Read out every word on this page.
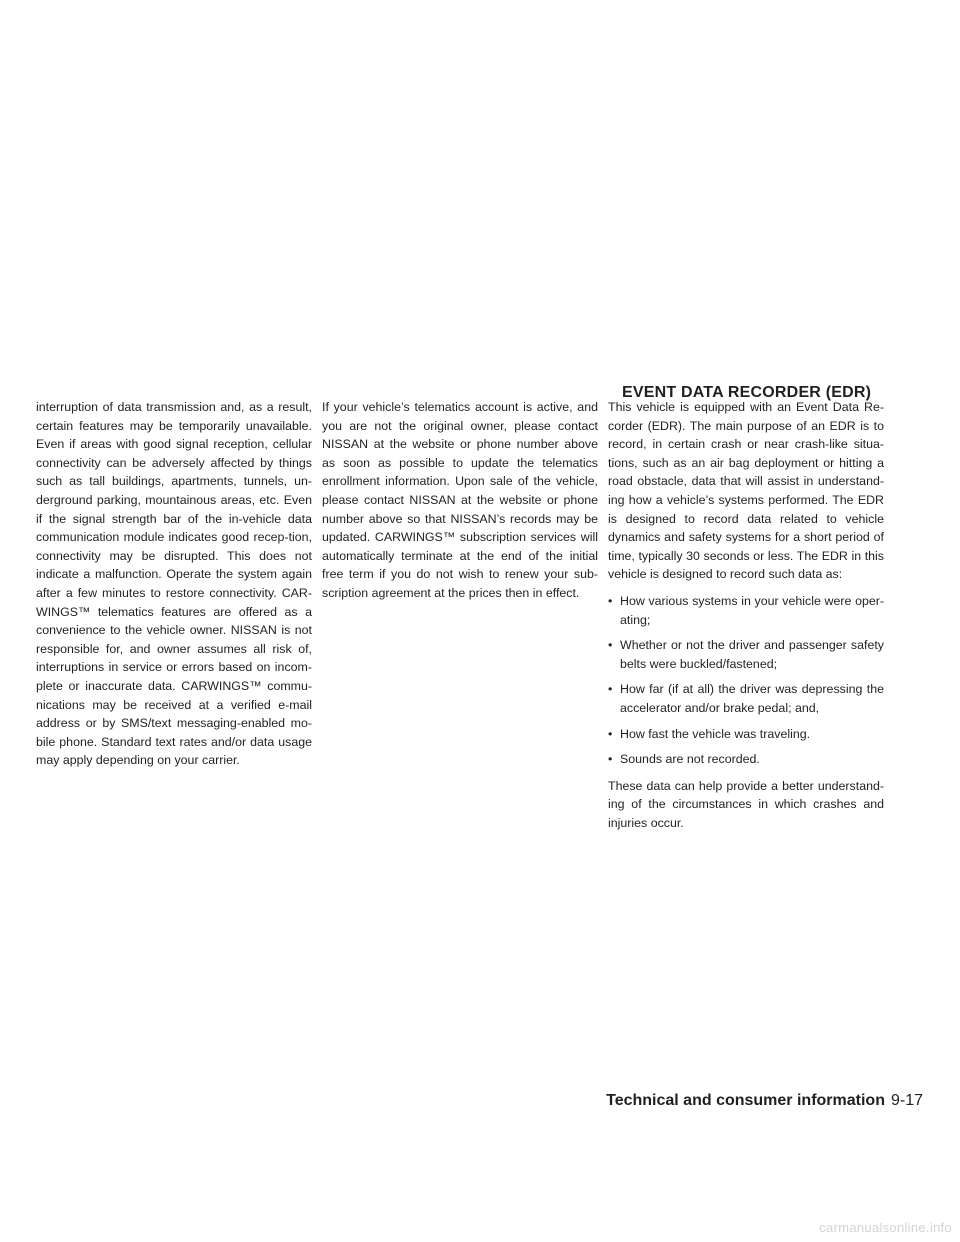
EVENT DATA RECORDER (EDR)

interruption of data transmission and, as a result, certain features may be temporarily unavailable. Even if areas with good signal reception, cellular connectivity can be adversely affected by things such as tall buildings, apartments, tunnels, un-derground parking, mountainous areas, etc. Even if the signal strength bar of the in-vehicle data communication module indicates good recep-tion, connectivity may be disrupted. This does not indicate a malfunction. Operate the system again after a few minutes to restore connectivity. CAR-WINGS™ telematics features are offered as a convenience to the vehicle owner. NISSAN is not responsible for, and owner assumes all risk of, interruptions in service or errors based on incom-plete or inaccurate data. CARWINGS™ commu-nications may be received at a verified e-mail address or by SMS/text messaging-enabled mo-bile phone. Standard text rates and/or data usage may apply depending on your carrier.

If your vehicle’s telematics account is active, and you are not the original owner, please contact NISSAN at the website or phone number above as soon as possible to update the telematics enrollment information. Upon sale of the vehicle, please contact NISSAN at the website or phone number above so that NISSAN’s records may be updated. CARWINGS™ subscription services will automatically terminate at the end of the initial free term if you do not wish to renew your sub-scription agreement at the prices then in effect.

This vehicle is equipped with an Event Data Re-corder (EDR). The main purpose of an EDR is to record, in certain crash or near crash-like situa-tions, such as an air bag deployment or hitting a road obstacle, data that will assist in understand-ing how a vehicle’s systems performed. The EDR is designed to record data related to vehicle dynamics and safety systems for a short period of time, typically 30 seconds or less. The EDR in this vehicle is designed to record such data as:

• How various systems in your vehicle were oper-ating;
• Whether or not the driver and passenger safety belts were buckled/fastened;
• How far (if at all) the driver was depressing the accelerator and/or brake pedal; and,
• How fast the vehicle was traveling.
• Sounds are not recorded.

These data can help provide a better understand-ing of the circumstances in which crashes and injuries occur.

Technical and consumer information 9-17
carmanualsonline.info
